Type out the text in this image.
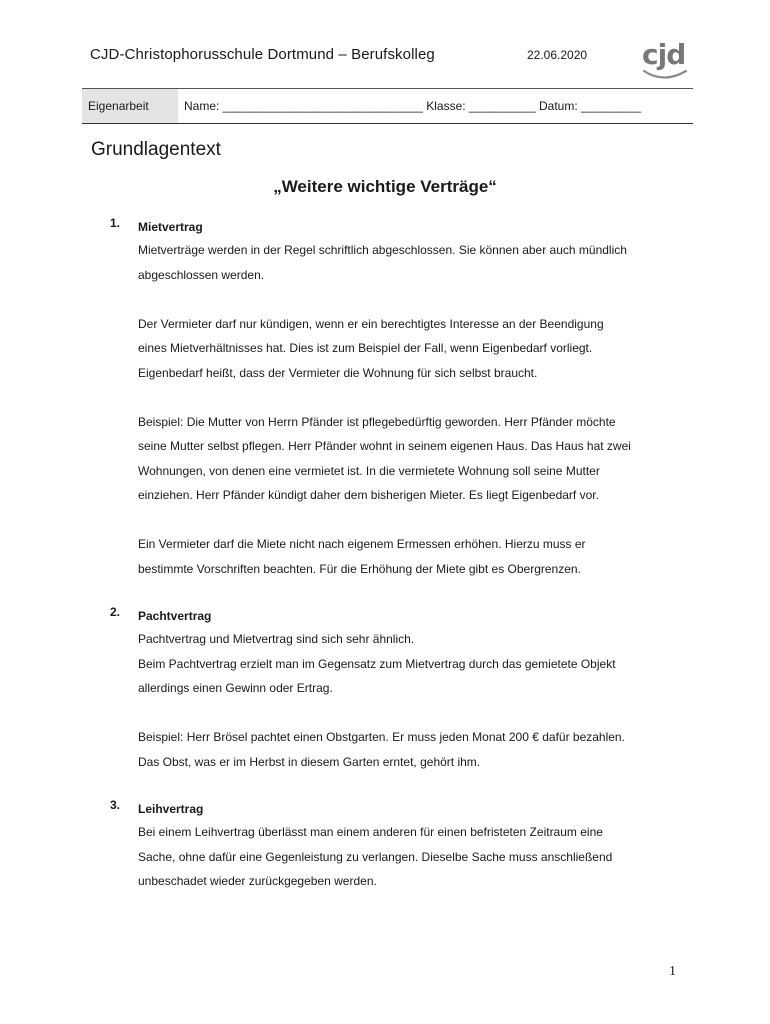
CJD-Christophorusschule Dortmund – Berufskolleg	22.06.2020 cjd
Eigenarbeit	Name: ______________________________ Klasse: __________ Datum: _________
Grundlagentext
„Weitere wichtige Verträge“
1.	Mietvertrag

Mietverträge werden in der Regel schriftlich abgeschlossen. Sie können aber auch mündlich

abgeschlossen werden.

Der Vermieter darf nur kündigen, wenn er ein berechtigtes Interesse an der Beendigung

eines Mietverhältnisses hat. Dies ist zum Beispiel der Fall, wenn Eigenbedarf vorliegt.

Eigenbedarf heißt, dass der Vermieter die Wohnung für sich selbst braucht.

Beispiel: Die Mutter von Herrn Pfänder ist pflegebedürftig geworden. Herr Pfänder möchte

seine Mutter selbst pflegen. Herr Pfänder wohnt in seinem eigenen Haus. Das Haus hat zwei

Wohnungen, von denen eine vermietet ist. In die vermietete Wohnung soll seine Mutter

einziehen. Herr Pfänder kündigt daher dem bisherigen Mieter. Es liegt Eigenbedarf vor.

Ein Vermieter darf die Miete nicht nach eigenem Ermessen erhöhen. Hierzu muss er

bestimmte Vorschriften beachten. Für die Erhöhung der Miete gibt es Obergrenzen.

2.	Pachtvertrag

Pachtvertrag und Mietvertrag sind sich sehr ähnlich.

Beim Pachtvertrag erzielt man im Gegensatz zum Mietvertrag durch das gemietete Objekt

allerdings einen Gewinn oder Ertrag.

Beispiel: Herr Brösel pachtet einen Obstgarten. Er muss jeden Monat 200 € dafür bezahlen.

Das Obst, was er im Herbst in diesem Garten erntet, gehört ihm.

3.	Leihvertrag

Bei einem Leihvertrag überlässt man einem anderen für einen befristeten Zeitraum eine

Sache, ohne dafür eine Gegenleistung zu verlangen. Dieselbe Sache muss anschließend

unbeschadet wieder zurückgegeben werden.

1
